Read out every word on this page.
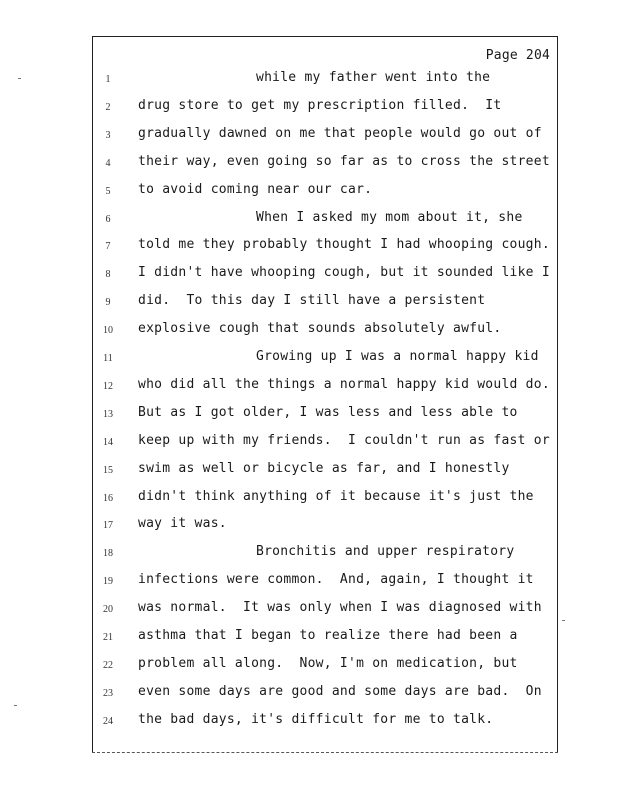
Page 204
1	while my father went into the
2	drug store to get my prescription filled.  It
3	gradually dawned on me that people would go out of
4	their way, even going so far as to cross the street
5	to avoid coming near our car.
6	When I asked my mom about it, she
7	told me they probably thought I had whooping cough.
8	I didn't have whooping cough, but it sounded like I
9	did.  To this day I still have a persistent
10	explosive cough that sounds absolutely awful.
11	Growing up I was a normal happy kid
12	who did all the things a normal happy kid would do.
13	But as I got older, I was less and less able to
14	keep up with my friends.  I couldn't run as fast or
15	swim as well or bicycle as far, and I honestly
16	didn't think anything of it because it's just the
17	way it was.
18	Bronchitis and upper respiratory
19	infections were common.  And, again, I thought it
20	was normal.  It was only when I was diagnosed with
21	asthma that I began to realize there had been a
22	problem all along.  Now, I'm on medication, but
23	even some days are good and some days are bad.  On
24	the bad days, it's difficult for me to talk.
